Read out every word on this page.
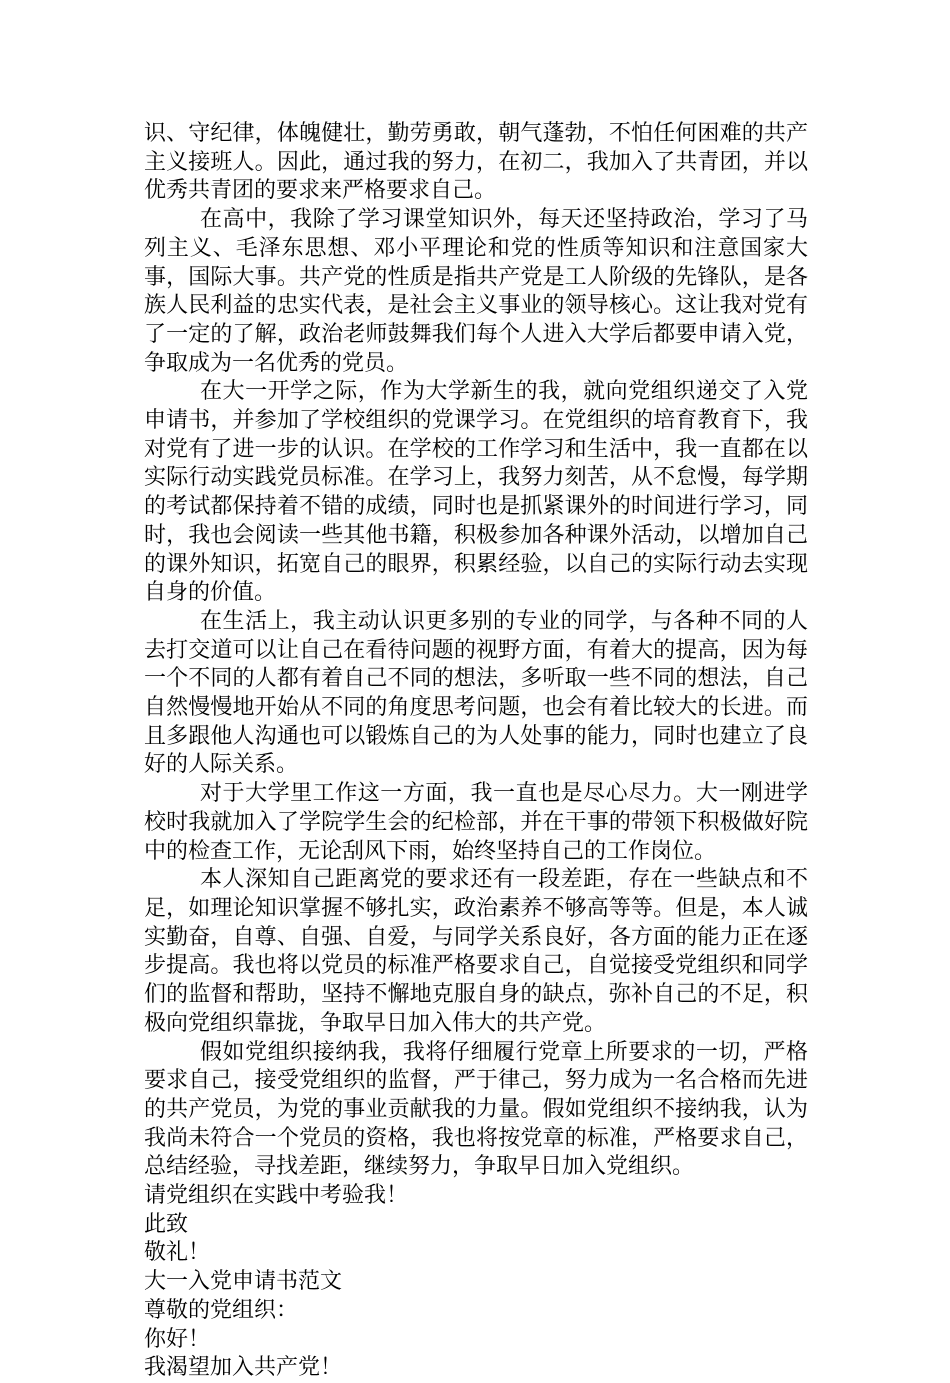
识、守纪律，体魄健壮，勤劳勇敢，朝气蓬勃，不怕任何困难的共产主义接班人。因此，通过我的努力，在初二，我加入了共青团，并以优秀共青团的要求来严格要求自己。

在高中，我除了学习课堂知识外，每天还坚持政治，学习了马列主义、毛泽东思想、邓小平理论和党的性质等知识和注意国家大事，国际大事。共产党的性质是指共产党是工人阶级的先锋队，是各族人民利益的忠实代表，是社会主义事业的领导核心。这让我对党有了一定的了解，政治老师鼓舞我们每个人进入大学后都要申请入党，争取成为一名优秀的党员。

在大一开学之际，作为大学新生的我，就向党组织递交了入党申请书，并参加了学校组织的党课学习。在党组织的培育教育下，我对党有了进一步的认识。在学校的工作学习和生活中，我一直都在以实际行动实践党员标准。在学习上，我努力刻苦，从不怠慢，每学期的考试都保持着不错的成绩，同时也是抓紧课外的时间进行学习，同时，我也会阅读一些其他书籍，积极参加各种课外活动，以增加自己的课外知识，拓宽自己的眼界，积累经验，以自己的实际行动去实现自身的价值。

在生活上，我主动认识更多别的专业的同学，与各种不同的人去打交道可以让自己在看待问题的视野方面，有着大的提高，因为每一个不同的人都有着自己不同的想法，多听取一些不同的想法，自己自然慢慢地开始从不同的角度思考问题，也会有着比较大的长进。而且多跟他人沟通也可以锻炼自己的为人处事的能力，同时也建立了良好的人际关系。

对于大学里工作这一方面，我一直也是尽心尽力。大一刚进学校时我就加入了学院学生会的纪检部，并在干事的带领下积极做好院中的检查工作，无论刮风下雨，始终坚持自己的工作岗位。

本人深知自己距离党的要求还有一段差距，存在一些缺点和不足，如理论知识掌握不够扎实，政治素养不够高等等。但是，本人诚实勤奋，自尊、自强、自爱，与同学关系良好，各方面的能力正在逐步提高。我也将以党员的标准严格要求自己，自觉接受党组织和同学们的监督和帮助，坚持不懈地克服自身的缺点，弥补自己的不足，积极向党组织靠拢，争取早日加入伟大的共产党。

假如党组织接纳我，我将仔细履行党章上所要求的一切，严格要求自己，接受党组织的监督，严于律己，努力成为一名合格而先进的共产党员，为党的事业贡献我的力量。假如党组织不接纳我，认为我尚未符合一个党员的资格，我也将按党章的标准，严格要求自己，总结经验，寻找差距，继续努力，争取早日加入党组织。

请党组织在实践中考验我！

此致

敬礼！

大一入党申请书范文

尊敬的党组织：

你好！

我渴望加入共产党！
